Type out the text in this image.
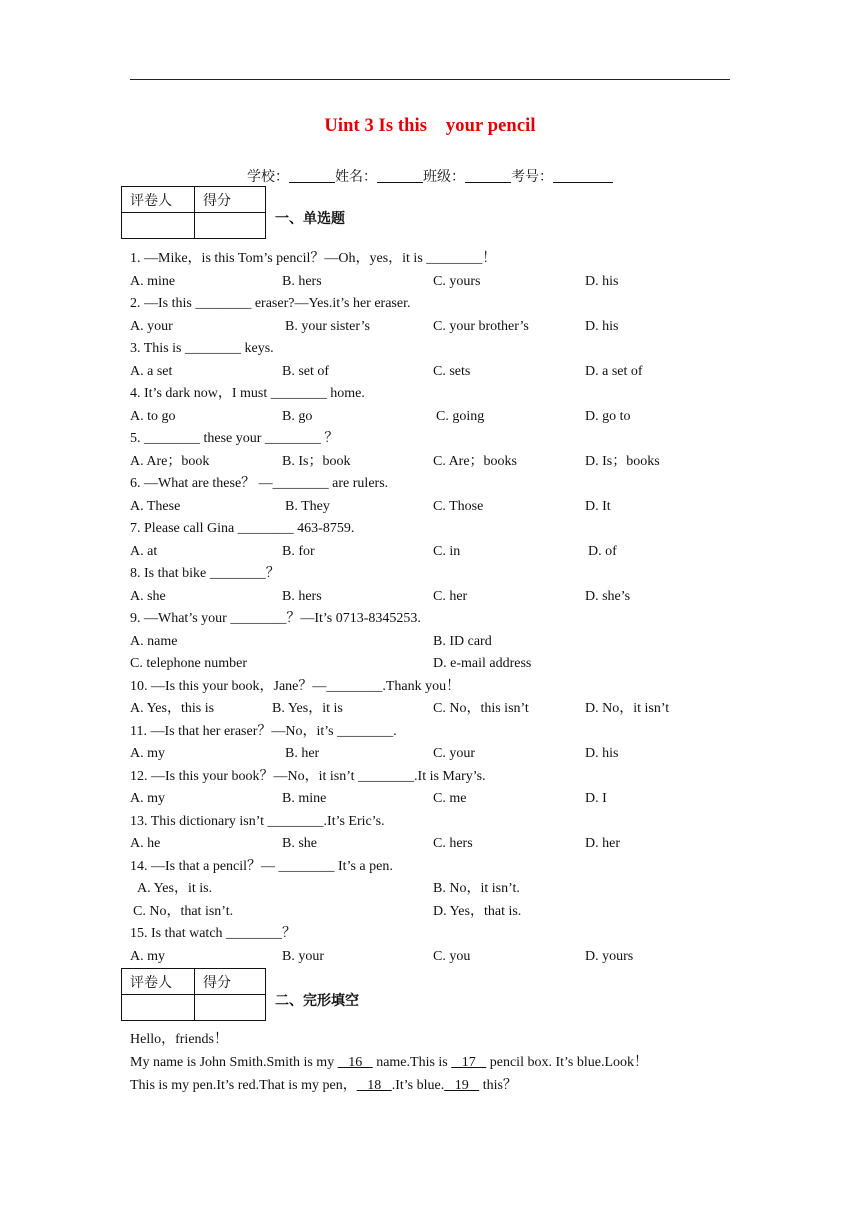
Uint 3 Is this    your pencil
学校：	姓名：	班级：	考号：
评卷人	得分

一、单选题
1. —Mike，is this Tom’s pencil？—Oh，yes，it is ________！
A. mine	B. hers	C. yours	D. his
2. —Is this ________ eraser?—Yes.it’s her eraser.
A. your	B. your sister’s	C. your brother’s	D. his
3. This is ________ keys.
A. a set	B. set of	C. sets	D. a set of
4. It’s dark now，I must ________ home.
A. to go	B. go	C. going	D. go to
5. ________ these your ________ ？
A. Are；book	B. Is；book	C. Are；books	D. Is；books
6. —What are these？ —________ are rulers.
A. These	B. They	C. Those	D. It
7. Please call Gina ________ 463-8759.
A. at	B. for	C. in	D. of
8. Is that bike ________？
A. she	B. hers	C. her	D. she’s
9. —What’s your ________？—It’s 0713-8345253.
A. name	B. ID card
C. telephone number	D. e-mail address
10. —Is this your book，Jane？—________.Thank you！
A. Yes，this is	B. Yes，it is	C. No，this isn’t	D. No，it isn’t
11. —Is that her eraser？—No，it’s ________.
A. my	B. her	C. your	D. his
12. —Is this your book？—No，it isn’t ________.It is Mary’s.
A. my	B. mine	C. me	D. I
13. This dictionary isn’t ________.It’s Eric’s.
A. he	B. she	C. hers	D. her
14. —Is that a pencil？— ________ It’s a pen.
A. Yes，it is.	B. No，it isn’t.
C. No，that isn’t.	D. Yes，that is.
15. Is that watch ________？
A. my	B. your	C. you	D. yours
评卷人	得分

二、完形填空
Hello，friends！
My name is John Smith.Smith is my    16    name.This is    17    pencil box. It’s blue.Look！
This is my pen.It’s red.That is my pen，   18   .It’s blue.   19    this？
